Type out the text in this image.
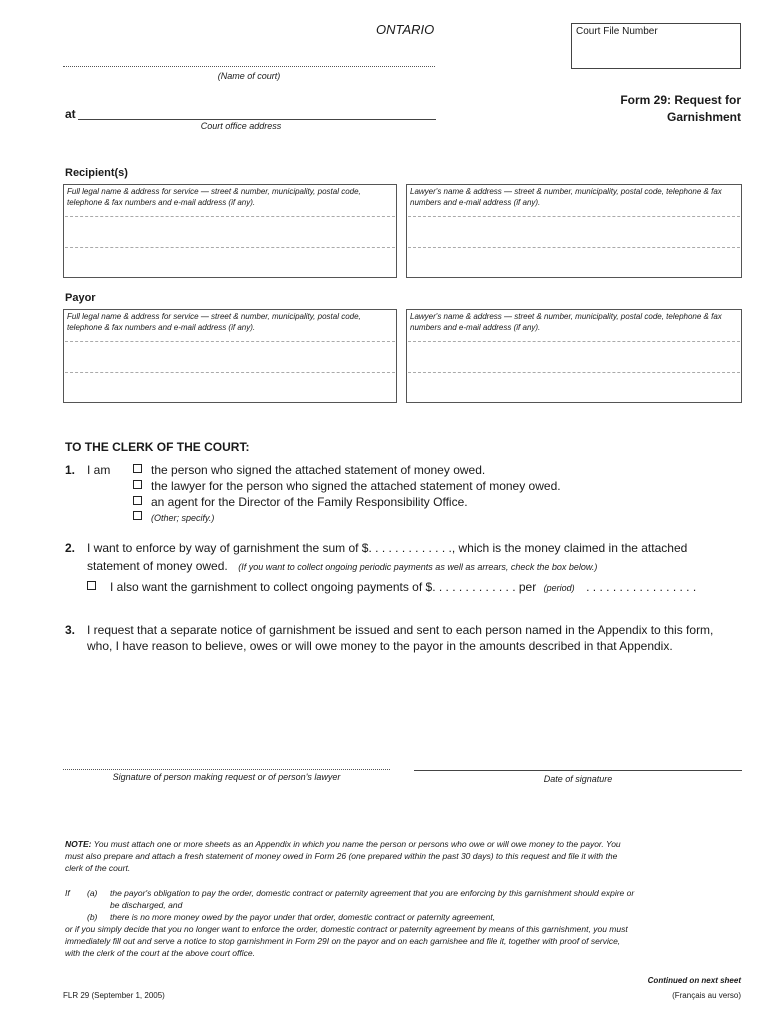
ONTARIO	Court File Number
(Name of court)
at
Court office address
Form 29: Request for
Garnishment
Recipient(s)
Full legal name & address for service — street & number, municipality, postal code, telephone & fax numbers and e-mail address (if any).
Lawyer's name & address — street & number, municipality, postal code, telephone & fax numbers and e-mail address (if any).
Payor
Full legal name & address for service — street & number, municipality, postal code, telephone & fax numbers and e-mail address (if any).
Lawyer's name & address — street & number, municipality, postal code, telephone & fax numbers and e-mail address (if any).
TO THE CLERK OF THE COURT:
1. I am	the person who signed the attached statement of money owed.
the lawyer for the person who signed the attached statement of money owed.
an agent for the Director of the Family Responsibility Office.
(Other; specify.)
2. I want to enforce by way of garnishment the sum of $. . . . . . . . . . . . ., which is the money claimed in the attached
statement of money owed. (If you want to collect ongoing periodic payments as well as arrears, check the box below.)
I also want the garnishment to collect ongoing payments of $. . . . . . . . . . . . . per (period) . . . . . . . . . . . . . . . . .
3. I request that a separate notice of garnishment be issued and sent to each person named in the Appendix to this form,
who, I have reason to believe, owes or will owe money to the payor in the amounts described in that Appendix.
Signature of person making request or of person's lawyer	Date of signature
NOTE: You must attach one or more sheets as an Appendix in which you name the person or persons who owe or will owe money to the payor. You
must also prepare and attach a fresh statement of money owed in Form 26 (one prepared within the past 30 days) to this request and file it with the
clerk of the court.
If (a) the payor's obligation to pay the order, domestic contract or paternity agreement that you are enforcing by this garnishment should expire or
be discharged, and
(b) there is no more money owed by the payor under that order, domestic contract or paternity agreement,
or if you simply decide that you no longer want to enforce the order, domestic contract or paternity agreement by means of this garnishment, you must
immediately fill out and serve a notice to stop garnishment in Form 29I on the payor and on each garnishee and file it, together with proof of service,
with the clerk of the court at the above court office.
Continued on next sheet
FLR 29 (September 1, 2005)	(Français au verso)
